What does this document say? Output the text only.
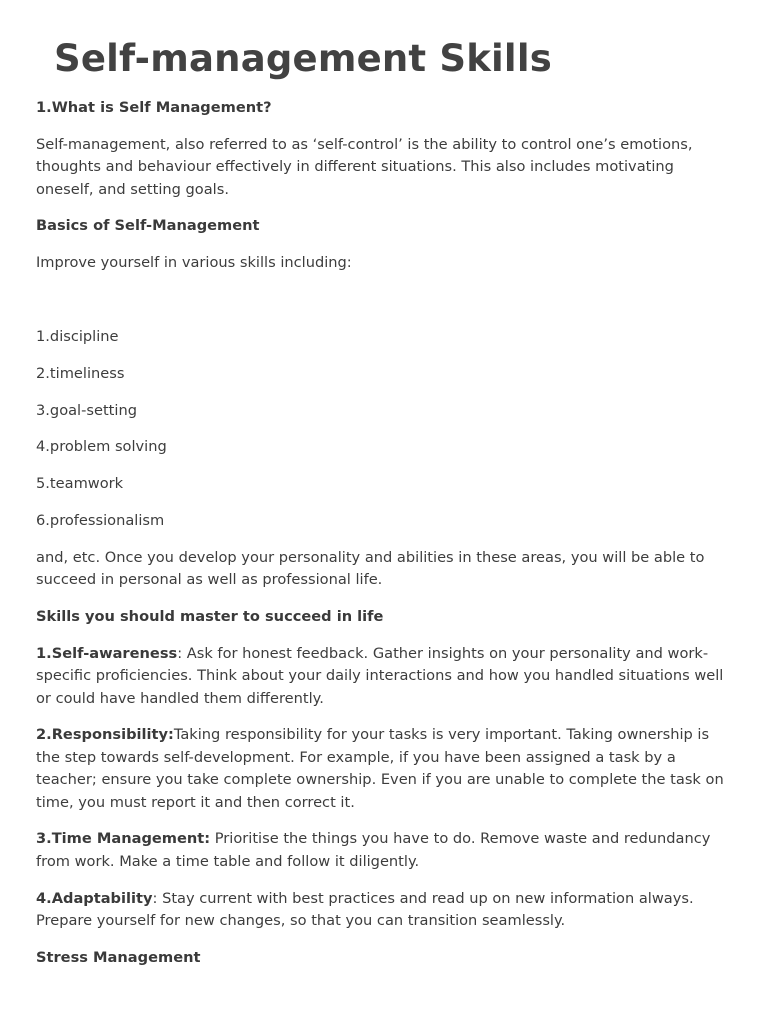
Self-management Skills

1.What is Self Management?

Self-management, also referred to as ‘self-control’ is the ability to control one’s emotions, thoughts and behaviour effectively in different situations. This also includes motivating oneself, and setting goals.

Basics of Self-Management

Improve yourself in various skills including:

1.discipline

2.timeliness

3.goal-setting

4.problem solving

5.teamwork

6.professionalism

and, etc. Once you develop your personality and abilities in these areas, you will be able to succeed in personal as well as professional life.

Skills you should master to succeed in life

1.Self-awareness: Ask for honest feedback. Gather insights on your personality and work-specific proficiencies. Think about your daily interactions and how you handled situations well or could have handled them differently.

2.Responsibility:Taking responsibility for your tasks is very important. Taking ownership is the step towards self-development. For example, if you have been assigned a task by a teacher; ensure you take complete ownership. Even if you are unable to complete the task on time, you must report it and then correct it.

3.Time Management: Prioritise the things you have to do. Remove waste and redundancy from work. Make a time table and follow it diligently.

4.Adaptability: Stay current with best practices and read up on new information always. Prepare yourself for new changes, so that you can transition seamlessly.

Stress Management
